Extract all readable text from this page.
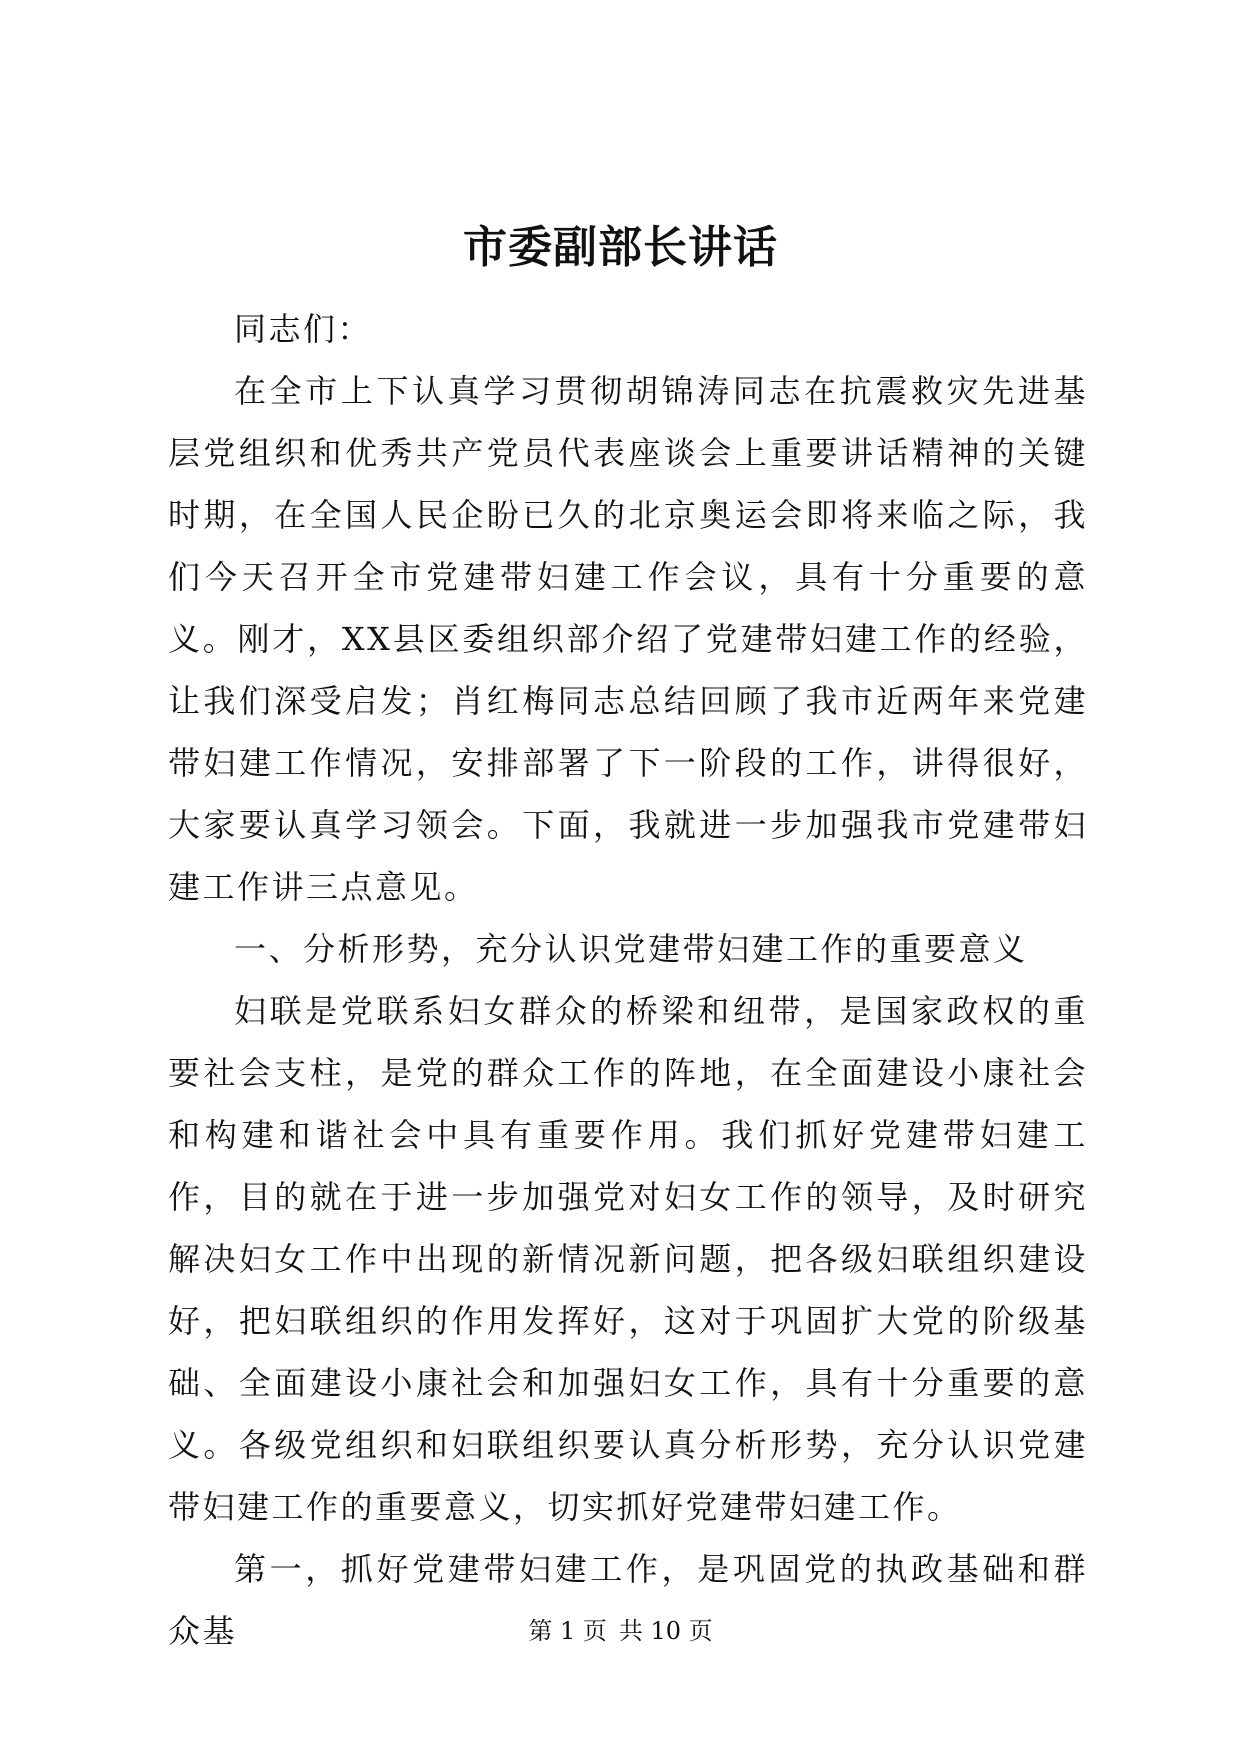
市委副部长讲话

同志们：

在全市上下认真学习贯彻胡锦涛同志在抗震救灾先进基层党组织和优秀共产党员代表座谈会上重要讲话精神的关键时期，在全国人民企盼已久的北京奥运会即将来临之际，我们今天召开全市党建带妇建工作会议，具有十分重要的意义。刚才，XX县区委组织部介绍了党建带妇建工作的经验，让我们深受启发；肖红梅同志总结回顾了我市近两年来党建带妇建工作情况，安排部署了下一阶段的工作，讲得很好，大家要认真学习领会。下面，我就进一步加强我市党建带妇建工作讲三点意见。

一、分析形势，充分认识党建带妇建工作的重要意义

妇联是党联系妇女群众的桥梁和纽带，是国家政权的重要社会支柱，是党的群众工作的阵地，在全面建设小康社会和构建和谐社会中具有重要作用。我们抓好党建带妇建工作，目的就在于进一步加强党对妇女工作的领导，及时研究解决妇女工作中出现的新情况新问题，把各级妇联组织建设好，把妇联组织的作用发挥好，这对于巩固扩大党的阶级基础、全面建设小康社会和加强妇女工作，具有十分重要的意义。各级党组织和妇联组织要认真分析形势，充分认识党建带妇建工作的重要意义，切实抓好党建带妇建工作。

第一，抓好党建带妇建工作，是巩固党的执政基础和群众基	第 1 页 共 10 页
